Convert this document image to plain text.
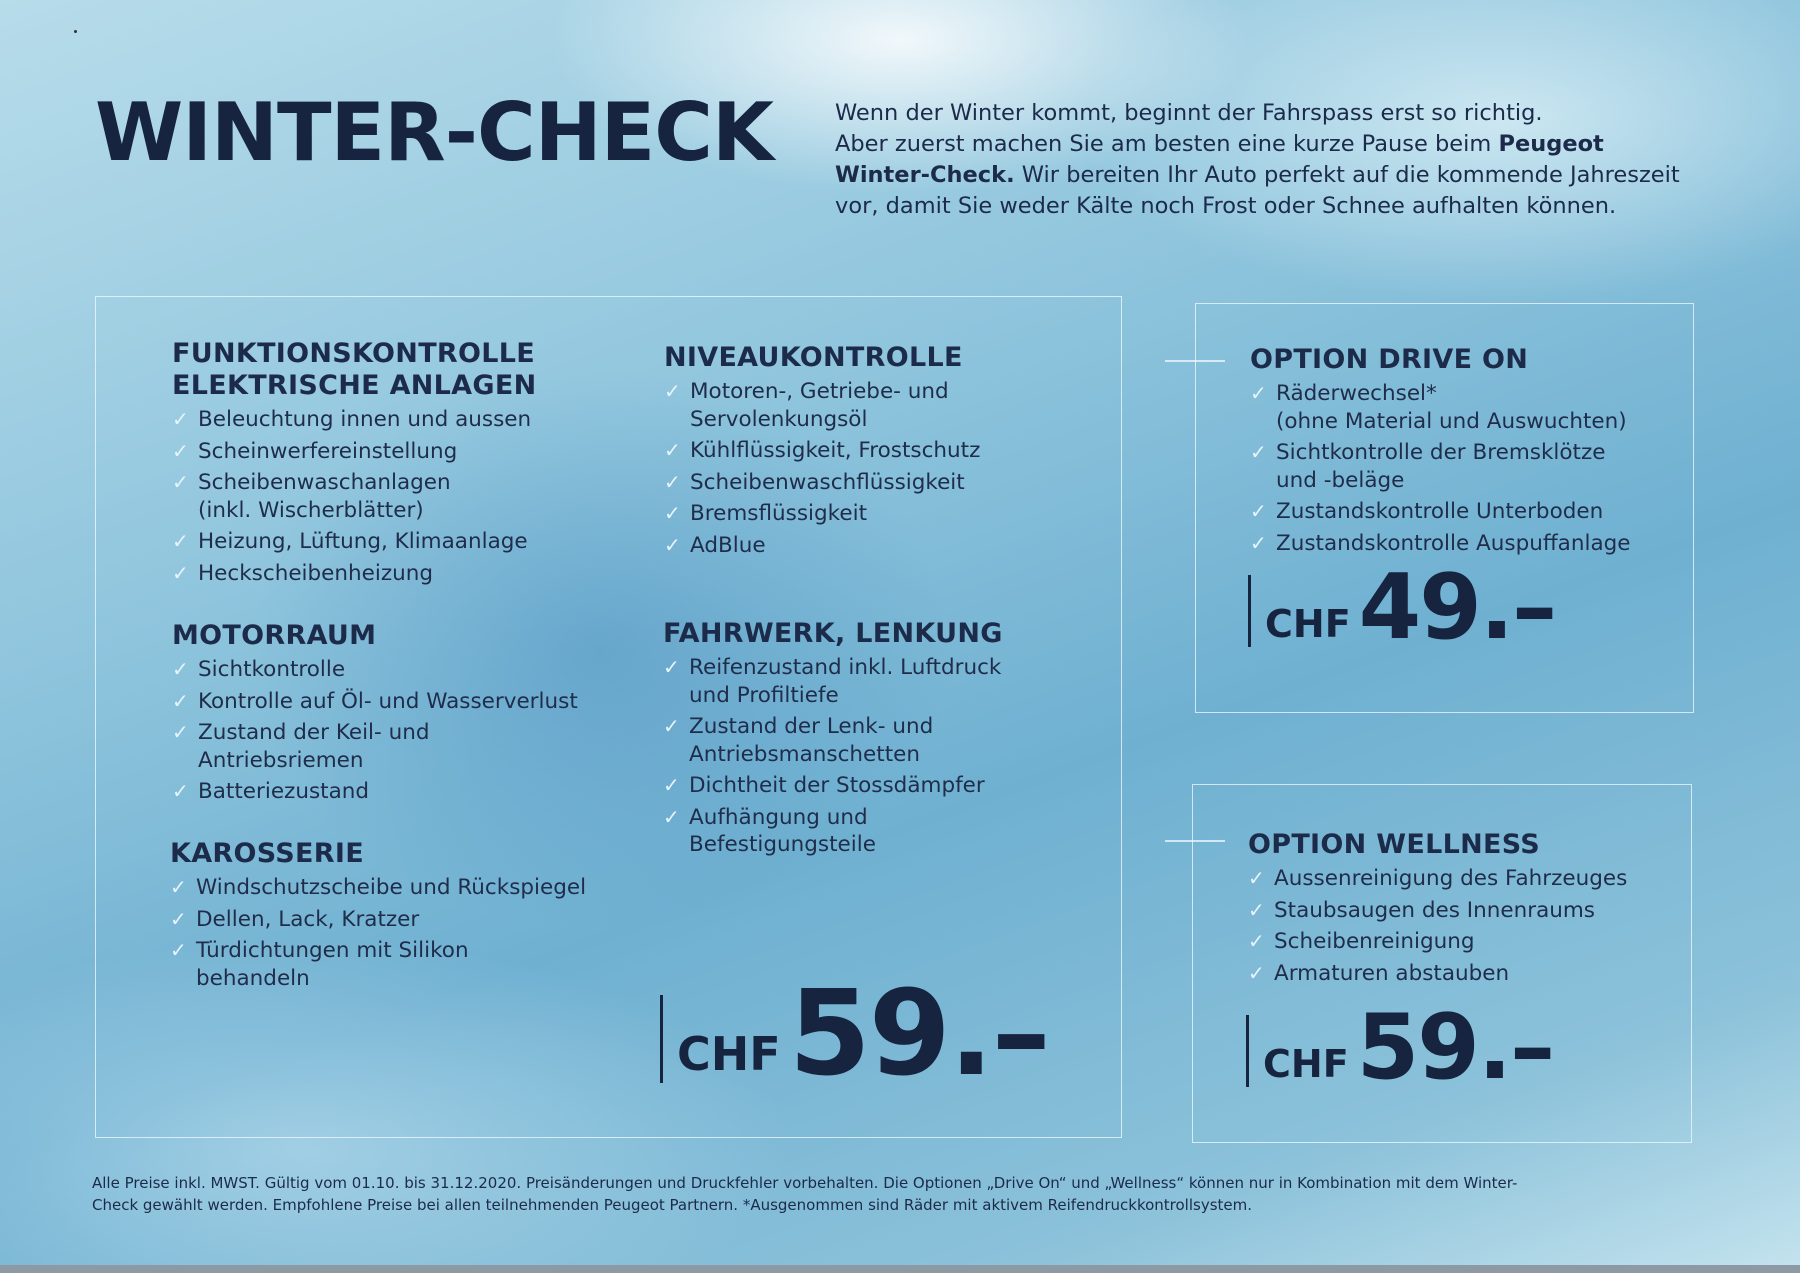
WINTER-CHECK	Wenn der Winter kommt, beginnt der Fahrspass erst so richtig.
Aber zuerst machen Sie am besten eine kurze Pause beim Peugeot
Winter-Check. Wir bereiten Ihr Auto perfekt auf die kommende Jahreszeit
vor, damit Sie weder Kälte noch Frost oder Schnee aufhalten können.
FUNKTIONSKONTROLLE
ELEKTRISCHE ANLAGEN
✓ Beleuchtung innen und aussen
✓ Scheinwerfereinstellung
✓ Scheibenwaschanlagen
(inkl. Wischerblätter)
✓ Heizung, Lüftung, Klimaanlage
✓ Heckscheibenheizung
MOTORRAUM
✓ Sichtkontrolle
✓ Kontrolle auf Öl- und Wasserverlust
✓ Zustand der Keil- und
Antriebsriemen
✓ Batteriezustand
KAROSSERIE
✓ Windschutzscheibe und Rückspiegel
✓ Dellen, Lack, Kratzer
✓ Türdichtungen mit Silikon
behandeln
NIVEAUKONTROLLE
✓ Motoren-, Getriebe- und
Servolenkungsöl
✓ Kühlflüssigkeit, Frostschutz
✓ Scheibenwaschflüssigkeit
✓ Bremsflüssigkeit
✓ AdBlue
FAHRWERK, LENKUNG
✓ Reifenzustand inkl. Luftdruck
und Profiltiefe
✓ Zustand der Lenk- und
Antriebsmanschetten
✓ Dichtheit der Stossdämpfer
✓ Aufhängung und
Befestigungsteile
CHF 59.–
OPTION DRIVE ON
✓ Räderwechsel*
(ohne Material und Auswuchten)
✓ Sichtkontrolle der Bremsklötze
und -beläge
✓ Zustandskontrolle Unterboden
✓ Zustandskontrolle Auspuffanlage
CHF 49.–
OPTION WELLNESS
✓ Aussenreinigung des Fahrzeuges
✓ Staubsaugen des Innenraums
✓ Scheibenreinigung
✓ Armaturen abstauben
CHF 59.–
Alle Preise inkl. MWST. Gültig vom 01.10. bis 31.12.2020. Preisänderungen und Druckfehler vorbehalten. Die Optionen „Drive On“ und „Wellness“ können nur in Kombination mit dem Winter-
Check gewählt werden. Empfohlene Preise bei allen teilnehmenden Peugeot Partnern. *Ausgenommen sind Räder mit aktivem Reifendruckkontrollsystem.
